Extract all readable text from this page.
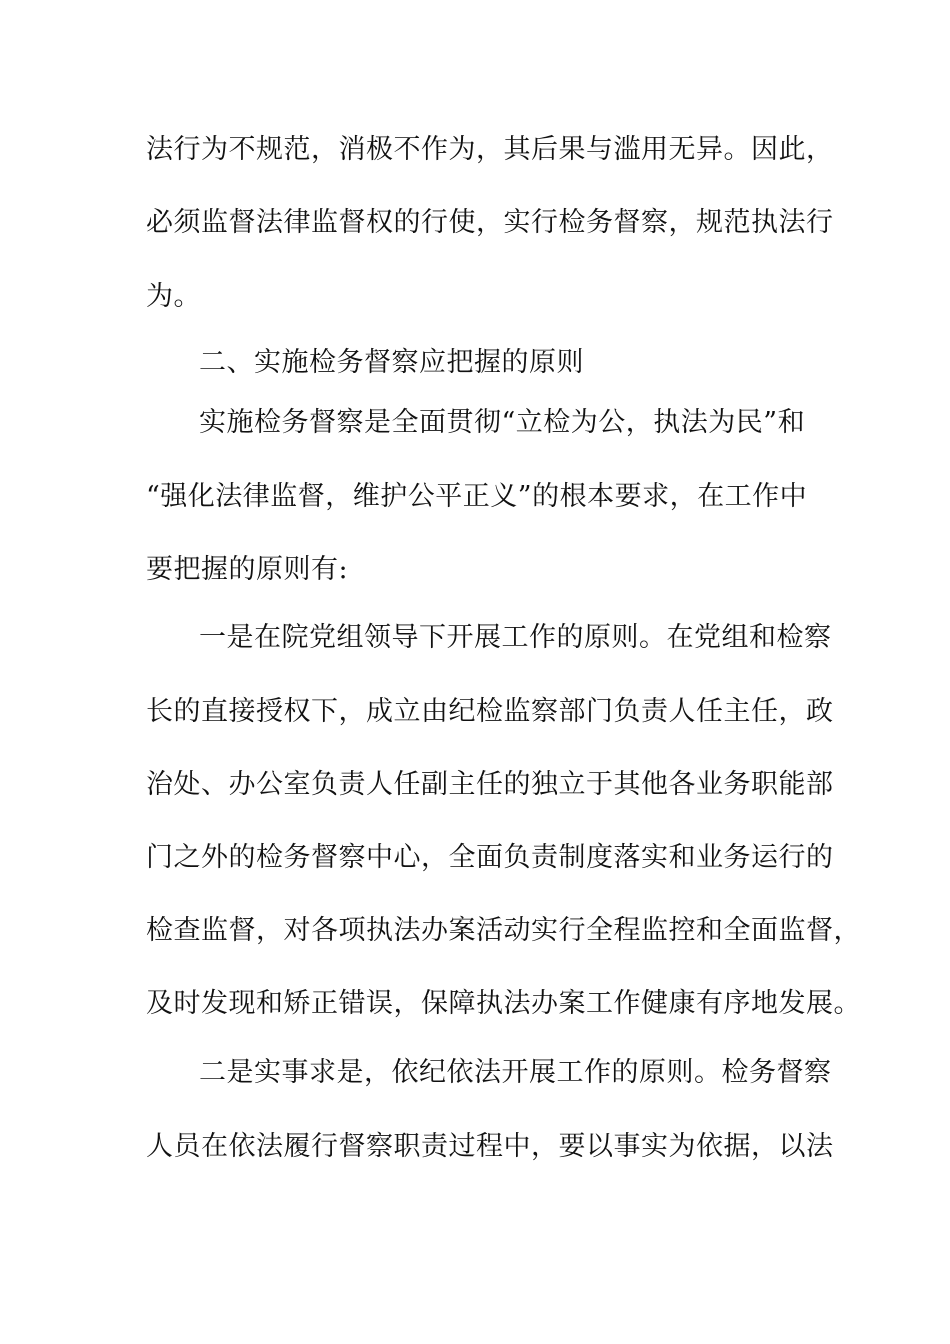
法行为不规范，消极不作为，其后果与滥用无异。因此，
必须监督法律监督权的行使，实行检务督察，规范执法行
为。
二、实施检务督察应把握的原则
实施检务督察是全面贯彻“立检为公，执法为民”和
“强化法律监督，维护公平正义”的根本要求，在工作中
要把握的原则有:
一是在院党组领导下开展工作的原则。在党组和检察
长的直接授权下，成立由纪检监察部门负责人任主任，政
治处、办公室负责人任副主任的独立于其他各业务职能部
门之外的检务督察中心，全面负责制度落实和业务运行的
检查监督，对各项执法办案活动实行全程监控和全面监督，
及时发现和矫正错误，保障执法办案工作健康有序地发展。
二是实事求是，依纪依法开展工作的原则。检务督察
人员在依法履行督察职责过程中，要以事实为依据，以法
